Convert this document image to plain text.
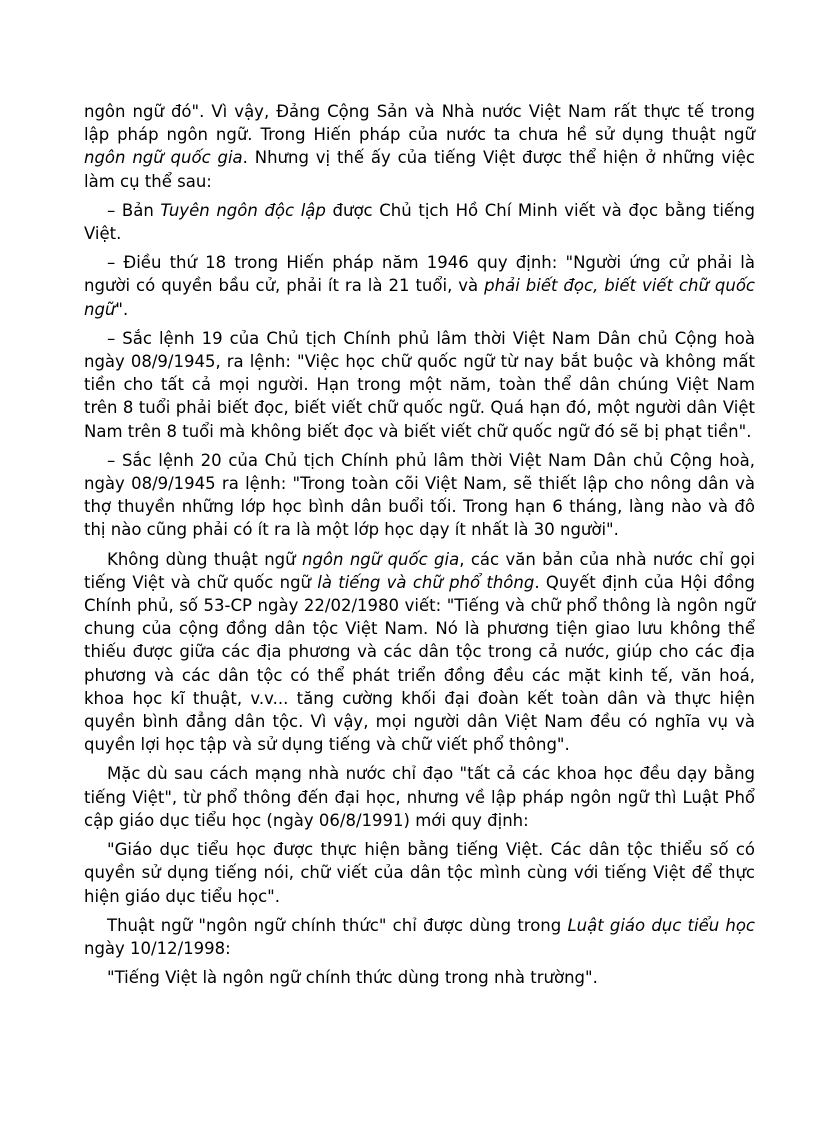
ngôn ngữ đó". Vì vậy, Đảng Cộng Sản và Nhà nước Việt Nam rất thực tế trong lập pháp ngôn ngữ. Trong Hiến pháp của nước ta chưa hề sử dụng thuật ngữ ngôn ngữ quốc gia. Nhưng vị thế ấy của tiếng Việt được thể hiện ở những việc làm cụ thể sau:

– Bản Tuyên ngôn độc lập được Chủ tịch Hồ Chí Minh viết và đọc bằng tiếng Việt.

– Điều thứ 18 trong Hiến pháp năm 1946 quy định: "Người ứng cử phải là người có quyền bầu cử, phải ít ra là 21 tuổi, và phải biết đọc, biết viết chữ quốc ngữ".

– Sắc lệnh 19 của Chủ tịch Chính phủ lâm thời Việt Nam Dân chủ Cộng hoà ngày 08/9/1945, ra lệnh: "Việc học chữ quốc ngữ từ nay bắt buộc và không mất tiền cho tất cả mọi người. Hạn trong một năm, toàn thể dân chúng Việt Nam trên 8 tuổi phải biết đọc, biết viết chữ quốc ngữ. Quá hạn đó, một người dân Việt Nam trên 8 tuổi mà không biết đọc và biết viết chữ quốc ngữ đó sẽ bị phạt tiền".

– Sắc lệnh 20 của Chủ tịch Chính phủ lâm thời Việt Nam Dân chủ Cộng hoà, ngày 08/9/1945 ra lệnh: "Trong toàn cõi Việt Nam, sẽ thiết lập cho nông dân và thợ thuyền những lớp học bình dân buổi tối. Trong hạn 6 tháng, làng nào và đô thị nào cũng phải có ít ra là một lớp học dạy ít nhất là 30 người".

Không dùng thuật ngữ ngôn ngữ quốc gia, các văn bản của nhà nước chỉ gọi tiếng Việt và chữ quốc ngữ là tiếng và chữ phổ thông. Quyết định của Hội đồng Chính phủ, số 53-CP ngày 22/02/1980 viết: "Tiếng và chữ phổ thông là ngôn ngữ chung của cộng đồng dân tộc Việt Nam. Nó là phương tiện giao lưu không thể thiếu được giữa các địa phương và các dân tộc trong cả nước, giúp cho các địa phương và các dân tộc có thể phát triển đồng đều các mặt kinh tế, văn hoá, khoa học kĩ thuật, v.v... tăng cường khối đại đoàn kết toàn dân và thực hiện quyền bình đẳng dân tộc. Vì vậy, mọi người dân Việt Nam đều có nghĩa vụ và quyền lợi học tập và sử dụng tiếng và chữ viết phổ thông".

Mặc dù sau cách mạng nhà nước chỉ đạo "tất cả các khoa học đều dạy bằng tiếng Việt", từ phổ thông đến đại học, nhưng về lập pháp ngôn ngữ thì Luật Phổ cập giáo dục tiểu học (ngày 06/8/1991) mới quy định:

"Giáo dục tiểu học được thực hiện bằng tiếng Việt. Các dân tộc thiểu số có quyền sử dụng tiếng nói, chữ viết của dân tộc mình cùng với tiếng Việt để thực hiện giáo dục tiểu học".

Thuật ngữ "ngôn ngữ chính thức" chỉ được dùng trong Luật giáo dục tiểu học ngày 10/12/1998:

"Tiếng Việt là ngôn ngữ chính thức dùng trong nhà trường".
